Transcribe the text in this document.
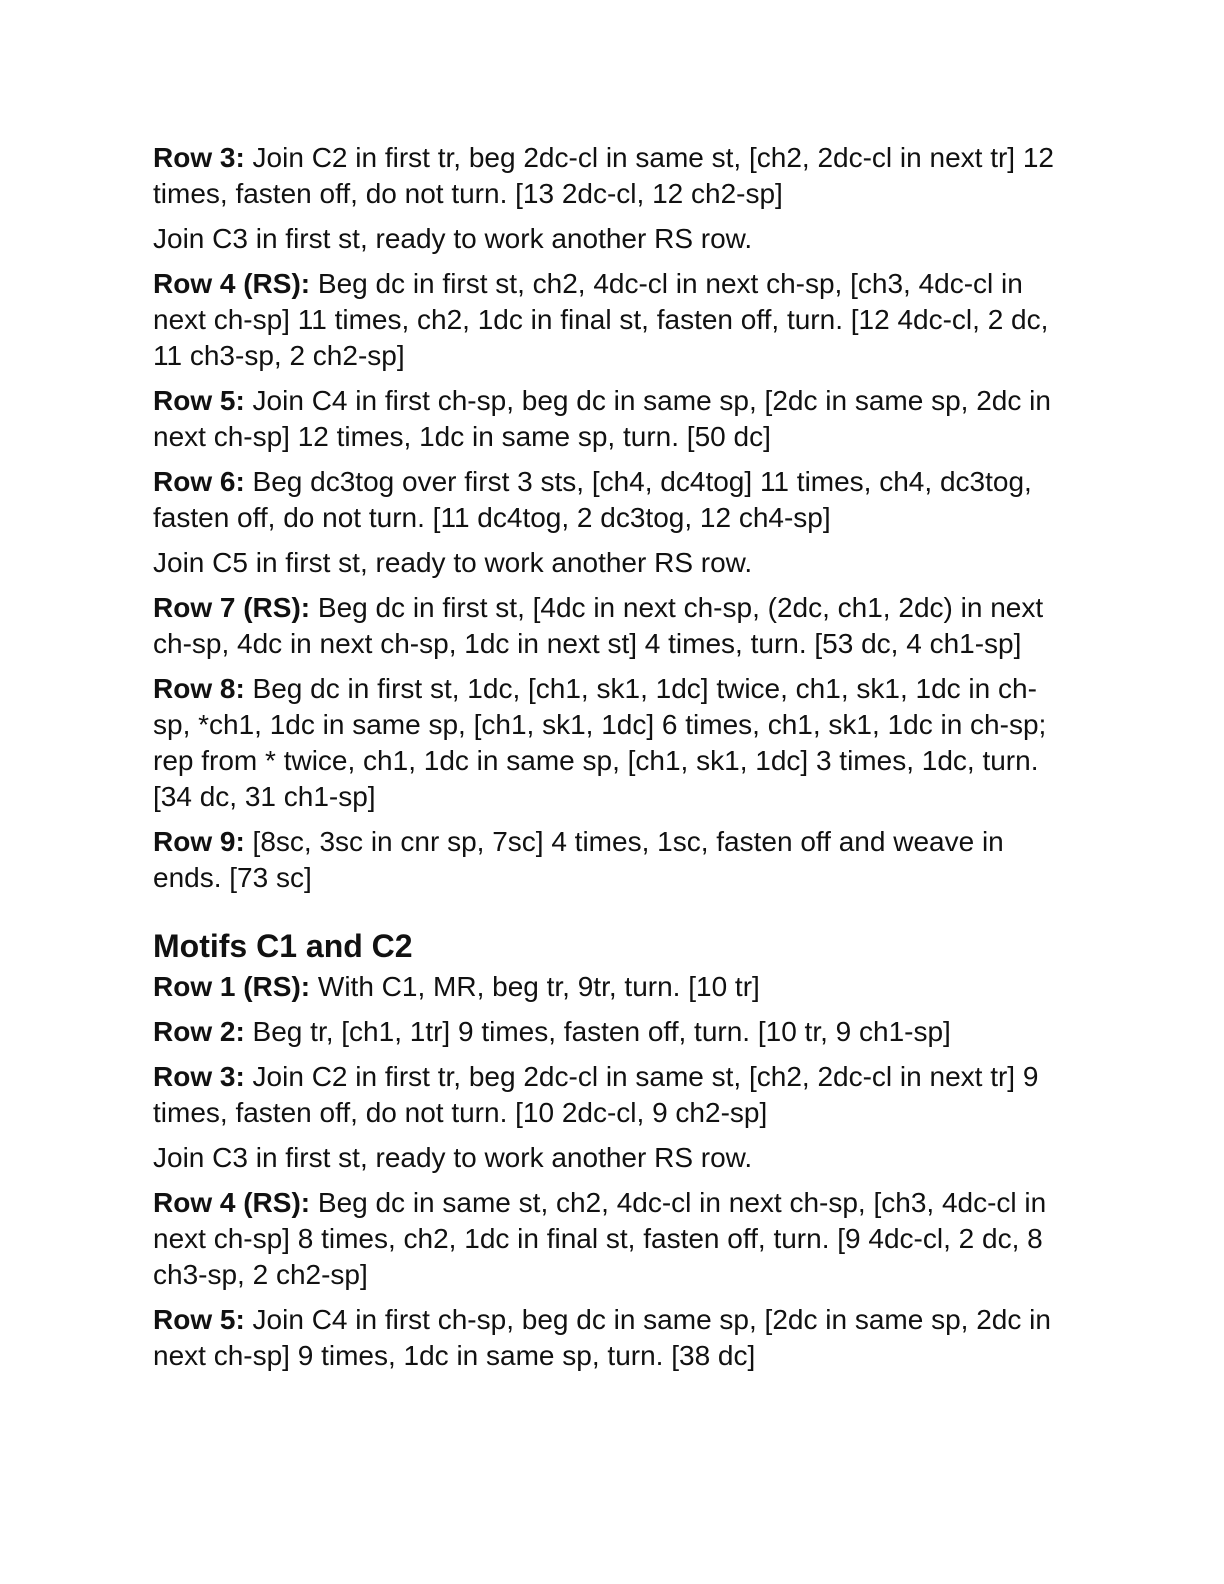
Row 3: Join C2 in first tr, beg 2dc-cl in same st, [ch2, 2dc-cl in next tr] 12 times, fasten off, do not turn. [13 2dc-cl, 12 ch2-sp]

Join C3 in first st, ready to work another RS row.

Row 4 (RS): Beg dc in first st, ch2, 4dc-cl in next ch-sp, [ch3, 4dc-cl in next ch-sp] 11 times, ch2, 1dc in final st, fasten off, turn. [12 4dc-cl, 2 dc, 11 ch3-sp, 2 ch2-sp]

Row 5: Join C4 in first ch-sp, beg dc in same sp, [2dc in same sp, 2dc in next ch-sp] 12 times, 1dc in same sp, turn. [50 dc]

Row 6: Beg dc3tog over first 3 sts, [ch4, dc4tog] 11 times, ch4, dc3tog, fasten off, do not turn. [11 dc4tog, 2 dc3tog, 12 ch4-sp]

Join C5 in first st, ready to work another RS row.

Row 7 (RS): Beg dc in first st, [4dc in next ch-sp, (2dc, ch1, 2dc) in next ch-sp, 4dc in next ch-sp, 1dc in next st] 4 times, turn. [53 dc, 4 ch1-sp]

Row 8: Beg dc in first st, 1dc, [ch1, sk1, 1dc] twice, ch1, sk1, 1dc in ch-sp, *ch1, 1dc in same sp, [ch1, sk1, 1dc] 6 times, ch1, sk1, 1dc in ch-sp; rep from * twice, ch1, 1dc in same sp, [ch1, sk1, 1dc] 3 times, 1dc, turn. [34 dc, 31 ch1-sp]

Row 9: [8sc, 3sc in cnr sp, 7sc] 4 times, 1sc, fasten off and weave in ends. [73 sc]

Motifs C1 and C2

Row 1 (RS): With C1, MR, beg tr, 9tr, turn. [10 tr]

Row 2: Beg tr, [ch1, 1tr] 9 times, fasten off, turn. [10 tr, 9 ch1-sp]

Row 3: Join C2 in first tr, beg 2dc-cl in same st, [ch2, 2dc-cl in next tr] 9 times, fasten off, do not turn. [10 2dc-cl, 9 ch2-sp]

Join C3 in first st, ready to work another RS row.

Row 4 (RS): Beg dc in same st, ch2, 4dc-cl in next ch-sp, [ch3, 4dc-cl in next ch-sp] 8 times, ch2, 1dc in final st, fasten off, turn. [9 4dc-cl, 2 dc, 8 ch3-sp, 2 ch2-sp]

Row 5: Join C4 in first ch-sp, beg dc in same sp, [2dc in same sp, 2dc in next ch-sp] 9 times, 1dc in same sp, turn. [38 dc]
